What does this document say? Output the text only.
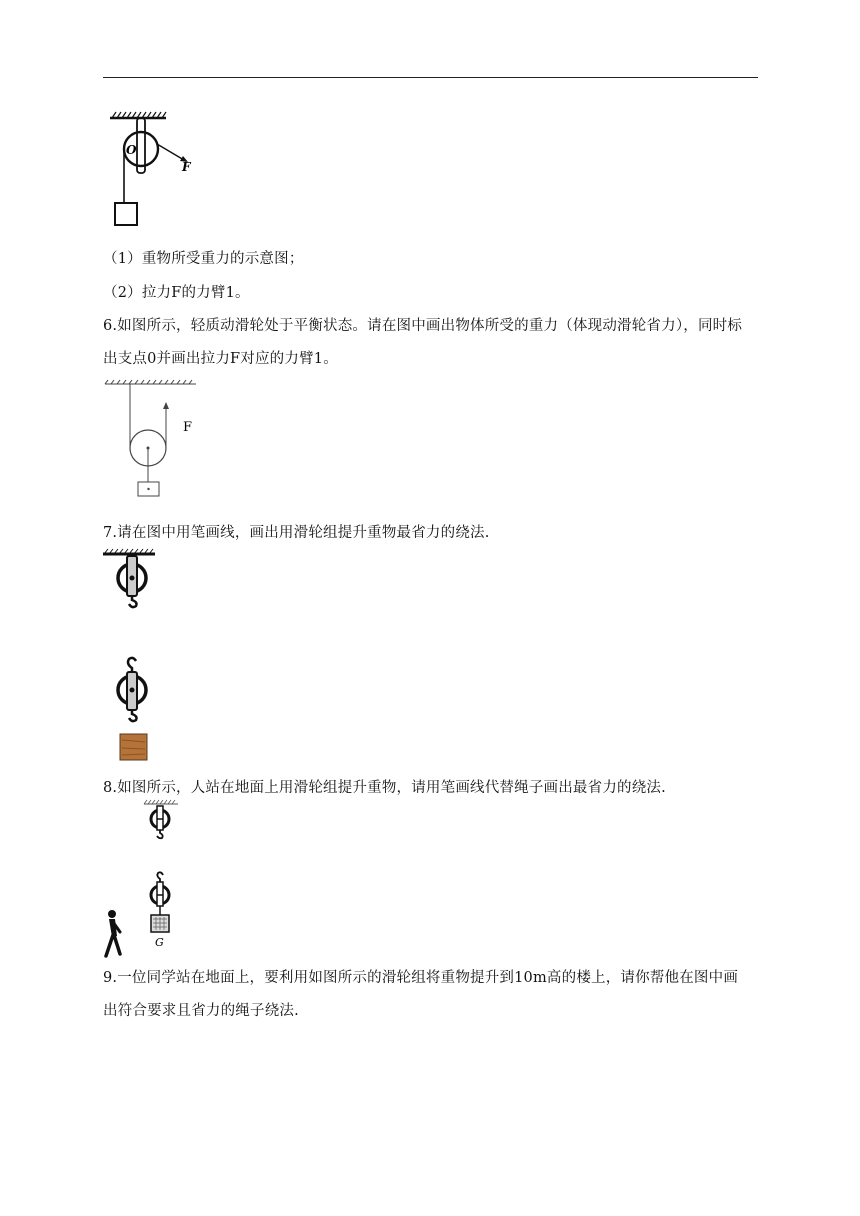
O
F
（1）重物所受重力的示意图；
（2）拉力F的力臂1。
6.如图所示，轻质动滑轮处于平衡状态。请在图中画出物体所受的重力（体现动滑轮省力），同时标
出支点0并画出拉力F对应的力臂1。
F
7.请在图中用笔画线，画出用滑轮组提升重物最省力的绕法.
8.如图所示，人站在地面上用滑轮组提升重物，请用笔画线代替绳子画出最省力的绕法.
G
9.一位同学站在地面上，要利用如图所示的滑轮组将重物提升到10m高的楼上，请你帮他在图中画
出符合要求且省力的绳子绕法.
